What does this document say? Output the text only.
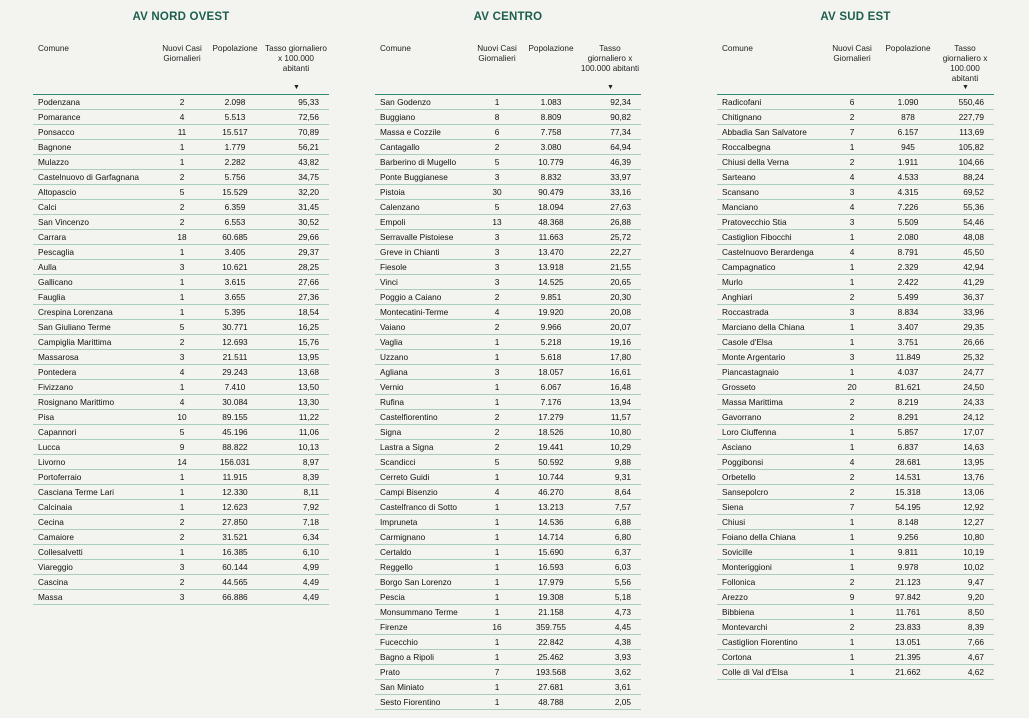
AV NORD OVEST
Comune	Nuovi Casi Giornalieri	Popolazione	Tasso giornaliero x 100.000 abitanti
▼

Podenzana	2	2.098	95,33
Pomarance	4	5.513	72,56
Ponsacco	11	15.517	70,89
Bagnone	1	1.779	56,21
Mulazzo	1	2.282	43,82
Castelnuovo di Garfagnana	2	5.756	34,75
Altopascio	5	15.529	32,20
Calci	2	6.359	31,45
San Vincenzo	2	6.553	30,52
Carrara	18	60.685	29,66
Pescaglia	1	3.405	29,37
Aulla	3	10.621	28,25
Gallicano	1	3.615	27,66
Fauglia	1	3.655	27,36
Crespina Lorenzana	1	5.395	18,54
San Giuliano Terme	5	30.771	16,25
Campiglia Marittima	2	12.693	15,76
Massarosa	3	21.511	13,95
Pontedera	4	29.243	13,68
Fivizzano	1	7.410	13,50
Rosignano Marittimo	4	30.084	13,30
Pisa	10	89.155	11,22
Capannori	5	45.196	11,06
Lucca	9	88.822	10,13
Livorno	14	156.031	8,97
Portoferraio	1	11.915	8,39
Casciana Terme Lari	1	12.330	8,11
Calcinaia	1	12.623	7,92
Cecina	2	27.850	7,18
Camaiore	2	31.521	6,34
Collesalvetti	1	16.385	6,10
Viareggio	3	60.144	4,99
Cascina	2	44.565	4,49
Massa	3	66.886	4,49
AV CENTRO
Comune	Nuovi Casi Giornalieri	Popolazione	Tasso giornaliero x 100.000 abitanti
▼

San Godenzo	1	1.083	92,34
Buggiano	8	8.809	90,82
Massa e Cozzile	6	7.758	77,34
Cantagallo	2	3.080	64,94
Barberino di Mugello	5	10.779	46,39
Ponte Buggianese	3	8.832	33,97
Pistoia	30	90.479	33,16
Calenzano	5	18.094	27,63
Empoli	13	48.368	26,88
Serravalle Pistoiese	3	11.663	25,72
Greve in Chianti	3	13.470	22,27
Fiesole	3	13.918	21,55
Vinci	3	14.525	20,65
Poggio a Caiano	2	9.851	20,30
Montecatini-Terme	4	19.920	20,08
Vaiano	2	9.966	20,07
Vaglia	1	5.218	19,16
Uzzano	1	5.618	17,80
Agliana	3	18.057	16,61
Vernio	1	6.067	16,48
Rufina	1	7.176	13,94
Castelfiorentino	2	17.279	11,57
Signa	2	18.526	10,80
Lastra a Signa	2	19.441	10,29
Scandicci	5	50.592	9,88
Cerreto Guidi	1	10.744	9,31
Campi Bisenzio	4	46.270	8,64
Castelfranco di Sotto	1	13.213	7,57
Impruneta	1	14.536	6,88
Carmignano	1	14.714	6,80
Certaldo	1	15.690	6,37
Reggello	1	16.593	6,03
Borgo San Lorenzo	1	17.979	5,56
Pescia	1	19.308	5,18
Monsummano Terme	1	21.158	4,73
Firenze	16	359.755	4,45
Fucecchio	1	22.842	4,38
Bagno a Ripoli	1	25.462	3,93
Prato	7	193.568	3,62
San Miniato	1	27.681	3,61
Sesto Fiorentino	1	48.788	2,05
AV SUD EST
Comune	Nuovi Casi Giornalieri	Popolazione	Tasso giornaliero x 100.000 abitanti
▼

Radicofani	6	1.090	550,46
Chitignano	2	878	227,79
Abbadia San Salvatore	7	6.157	113,69
Roccalbegna	1	945	105,82
Chiusi della Verna	2	1.911	104,66
Sarteano	4	4.533	88,24
Scansano	3	4.315	69,52
Manciano	4	7.226	55,36
Pratovecchio Stia	3	5.509	54,46
Castiglion Fibocchi	1	2.080	48,08
Castelnuovo Berardenga	4	8.791	45,50
Campagnatico	1	2.329	42,94
Murlo	1	2.422	41,29
Anghiari	2	5.499	36,37
Roccastrada	3	8.834	33,96
Marciano della Chiana	1	3.407	29,35
Casole d'Elsa	1	3.751	26,66
Monte Argentario	3	11.849	25,32
Piancastagnaio	1	4.037	24,77
Grosseto	20	81.621	24,50
Massa Marittima	2	8.219	24,33
Gavorrano	2	8.291	24,12
Loro Ciuffenna	1	5.857	17,07
Asciano	1	6.837	14,63
Poggibonsi	4	28.681	13,95
Orbetello	2	14.531	13,76
Sansepolcro	2	15.318	13,06
Siena	7	54.195	12,92
Chiusi	1	8.148	12,27
Foiano della Chiana	1	9.256	10,80
Sovicille	1	9.811	10,19
Monteriggioni	1	9.978	10,02
Follonica	2	21.123	9,47
Arezzo	9	97.842	9,20
Bibbiena	1	11.761	8,50
Montevarchi	2	23.833	8,39
Castiglion Fiorentino	1	13.051	7,66
Cortona	1	21.395	4,67
Colle di Val d'Elsa	1	21.662	4,62
